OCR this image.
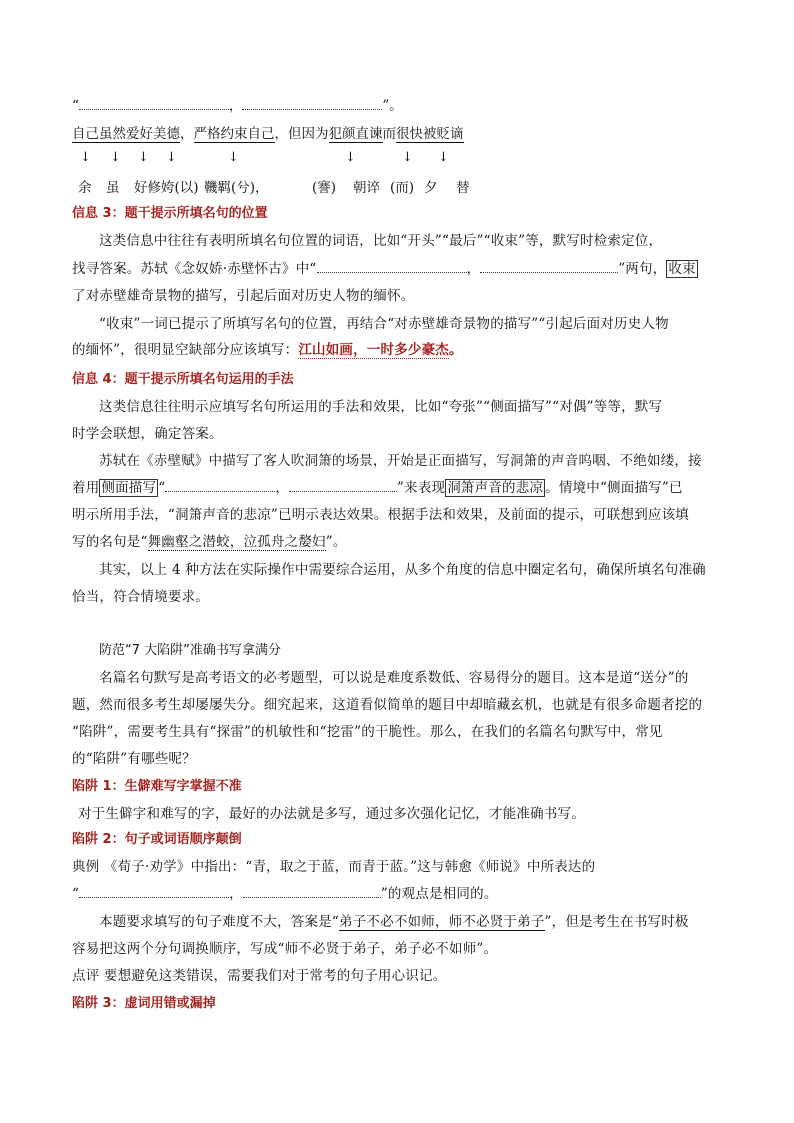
“	，	”。
自己虽然爱好美德，严格约束自己，但因为犯颜直谏而很快被贬谪
↓ ↓ ↓ ↓	↓	↓	↓ ↓
余 虽 好修姱(以) 鞿羁(兮)，	(謇) 朝谇 (而) 夕 替
信息 3：题干提示所填名句的位置
这类信息中往往有表明所填名句位置的词语，比如“开头”“最后”“收束”等，默写时检索定位，
找寻答案。苏轼《念奴娇·赤壁怀古》中“	，	”两句， 收束
了对赤壁雄奇景物的描写，引起后面对历史人物的缅怀。
“收束”一词已提示了所填写名句的位置，再结合“对赤壁雄奇景物的描写”“引起后面对历史人物
的缅怀”，很明显空缺部分应该填写：江山如画，一时多少豪杰。
信息 4：题干提示所填名句运用的手法
这类信息往往明示应填写名句所运用的手法和效果，比如“夸张”“侧面描写”“对偶”等等，默写
时学会联想，确定答案。
苏轼在《赤壁赋》中描写了客人吹洞箫的场景，开始是正面描写，写洞箫的声音呜咽、不绝如缕，接
着用 侧面描写 “	，	”来表现 洞箫声音的悲凉 。情境中“侧面描写”已
明示所用手法，“洞箫声音的悲凉”已明示表达效果。根据手法和效果，及前面的提示，可联想到应该填
写的名句是“舞幽壑之潜蛟，泣孤舟之嫠妇”。
其实，以上 4 种方法在实际操作中需要综合运用，从多个角度的信息中圈定名句，确保所填名句准确
恰当，符合情境要求。
防范“7 大陷阱”准确书写拿满分
名篇名句默写是高考语文的必考题型，可以说是难度系数低、容易得分的题目。这本是道“送分”的
题，然而很多考生却屡屡失分。细究起来，这道看似简单的题目中却暗藏玄机，也就是有很多命题者挖的
“陷阱”，需要考生具有“探雷”的机敏性和“挖雷”的干脆性。那么，在我们的名篇名句默写中，常见
的“陷阱”有哪些呢？
陷阱 1：生僻难写字掌握不准
对于生僻字和难写的字，最好的办法就是多写，通过多次强化记忆，才能准确书写。
陷阱 2：句子或词语顺序颠倒
典例 《荀子·劝学》中指出：“青，取之于蓝，而青于蓝。”这与韩愈《师说》中所表达的
“	，	”的观点是相同的。
本题要求填写的句子难度不大，答案是“弟子不必不如师，师不必贤于弟子”，但是考生在书写时极
容易把这两个分句调换顺序，写成“师不必贤于弟子，弟子必不如师”。
点评 要想避免这类错误，需要我们对于常考的句子用心识记。
陷阱 3：虚词用错或漏掉
